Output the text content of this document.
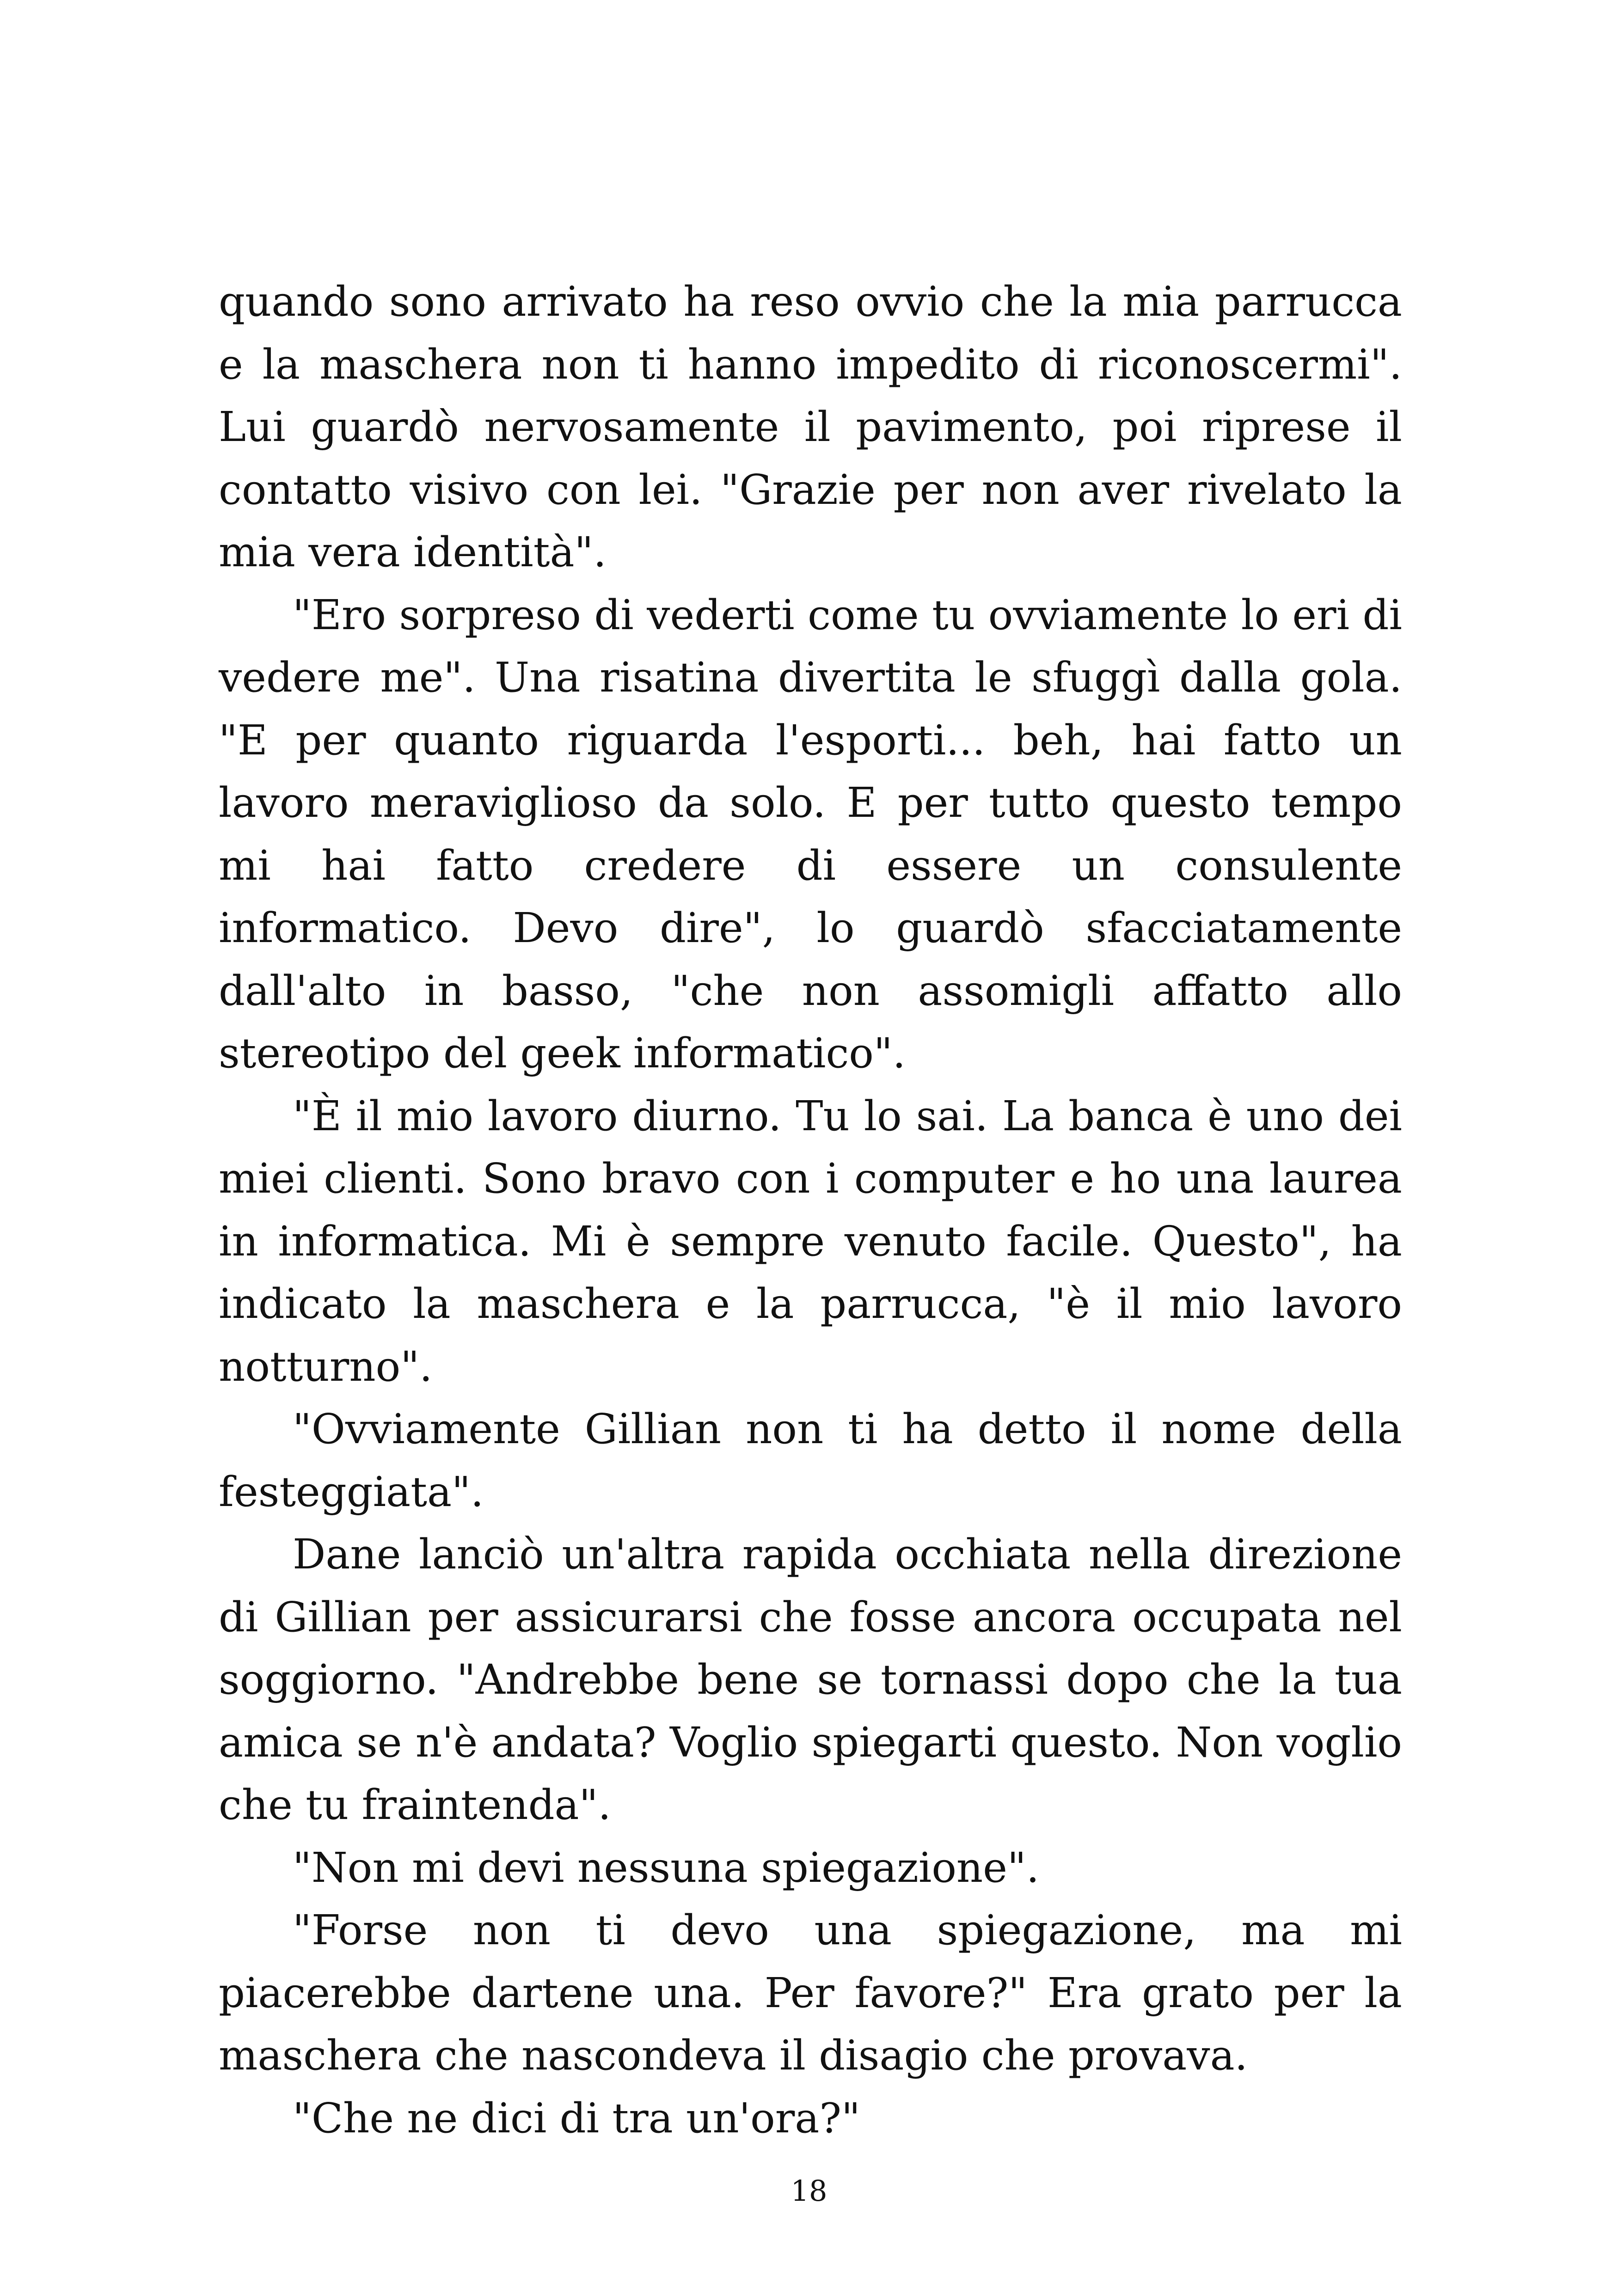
quando sono arrivato ha reso ovvio che la mia parrucca e la maschera non ti hanno impedito di riconoscermi". Lui guardò nervosamente il pavimento, poi riprese il contatto visivo con lei. "Grazie per non aver rivelato la mia vera identità".

"Ero sorpreso di vederti come tu ovviamente lo eri di vedere me". Una risatina divertita le sfuggì dalla gola. "E per quanto riguarda l'esporti... beh, hai fatto un lavoro meraviglioso da solo. E per tutto questo tempo mi hai fatto credere di essere un consulente informatico. Devo dire", lo guardò sfacciatamente dall'alto in basso, "che non assomigli affatto allo stereotipo del geek informatico".

"È il mio lavoro diurno. Tu lo sai. La banca è uno dei miei clienti. Sono bravo con i computer e ho una laurea in informatica. Mi è sempre venuto facile. Questo", ha indicato la maschera e la parrucca, "è il mio lavoro notturno".

"Ovviamente Gillian non ti ha detto il nome della festeggiata".

Dane lanciò un'altra rapida occhiata nella direzione di Gillian per assicurarsi che fosse ancora occupata nel soggiorno. "Andrebbe bene se tornassi dopo che la tua amica se n'è andata? Voglio spiegarti questo. Non voglio che tu fraintenda".

"Non mi devi nessuna spiegazione".

"Forse non ti devo una spiegazione, ma mi piacerebbe dartene una. Per favore?" Era grato per la maschera che nascondeva il disagio che provava.

"Che ne dici di tra un'ora?"

18
